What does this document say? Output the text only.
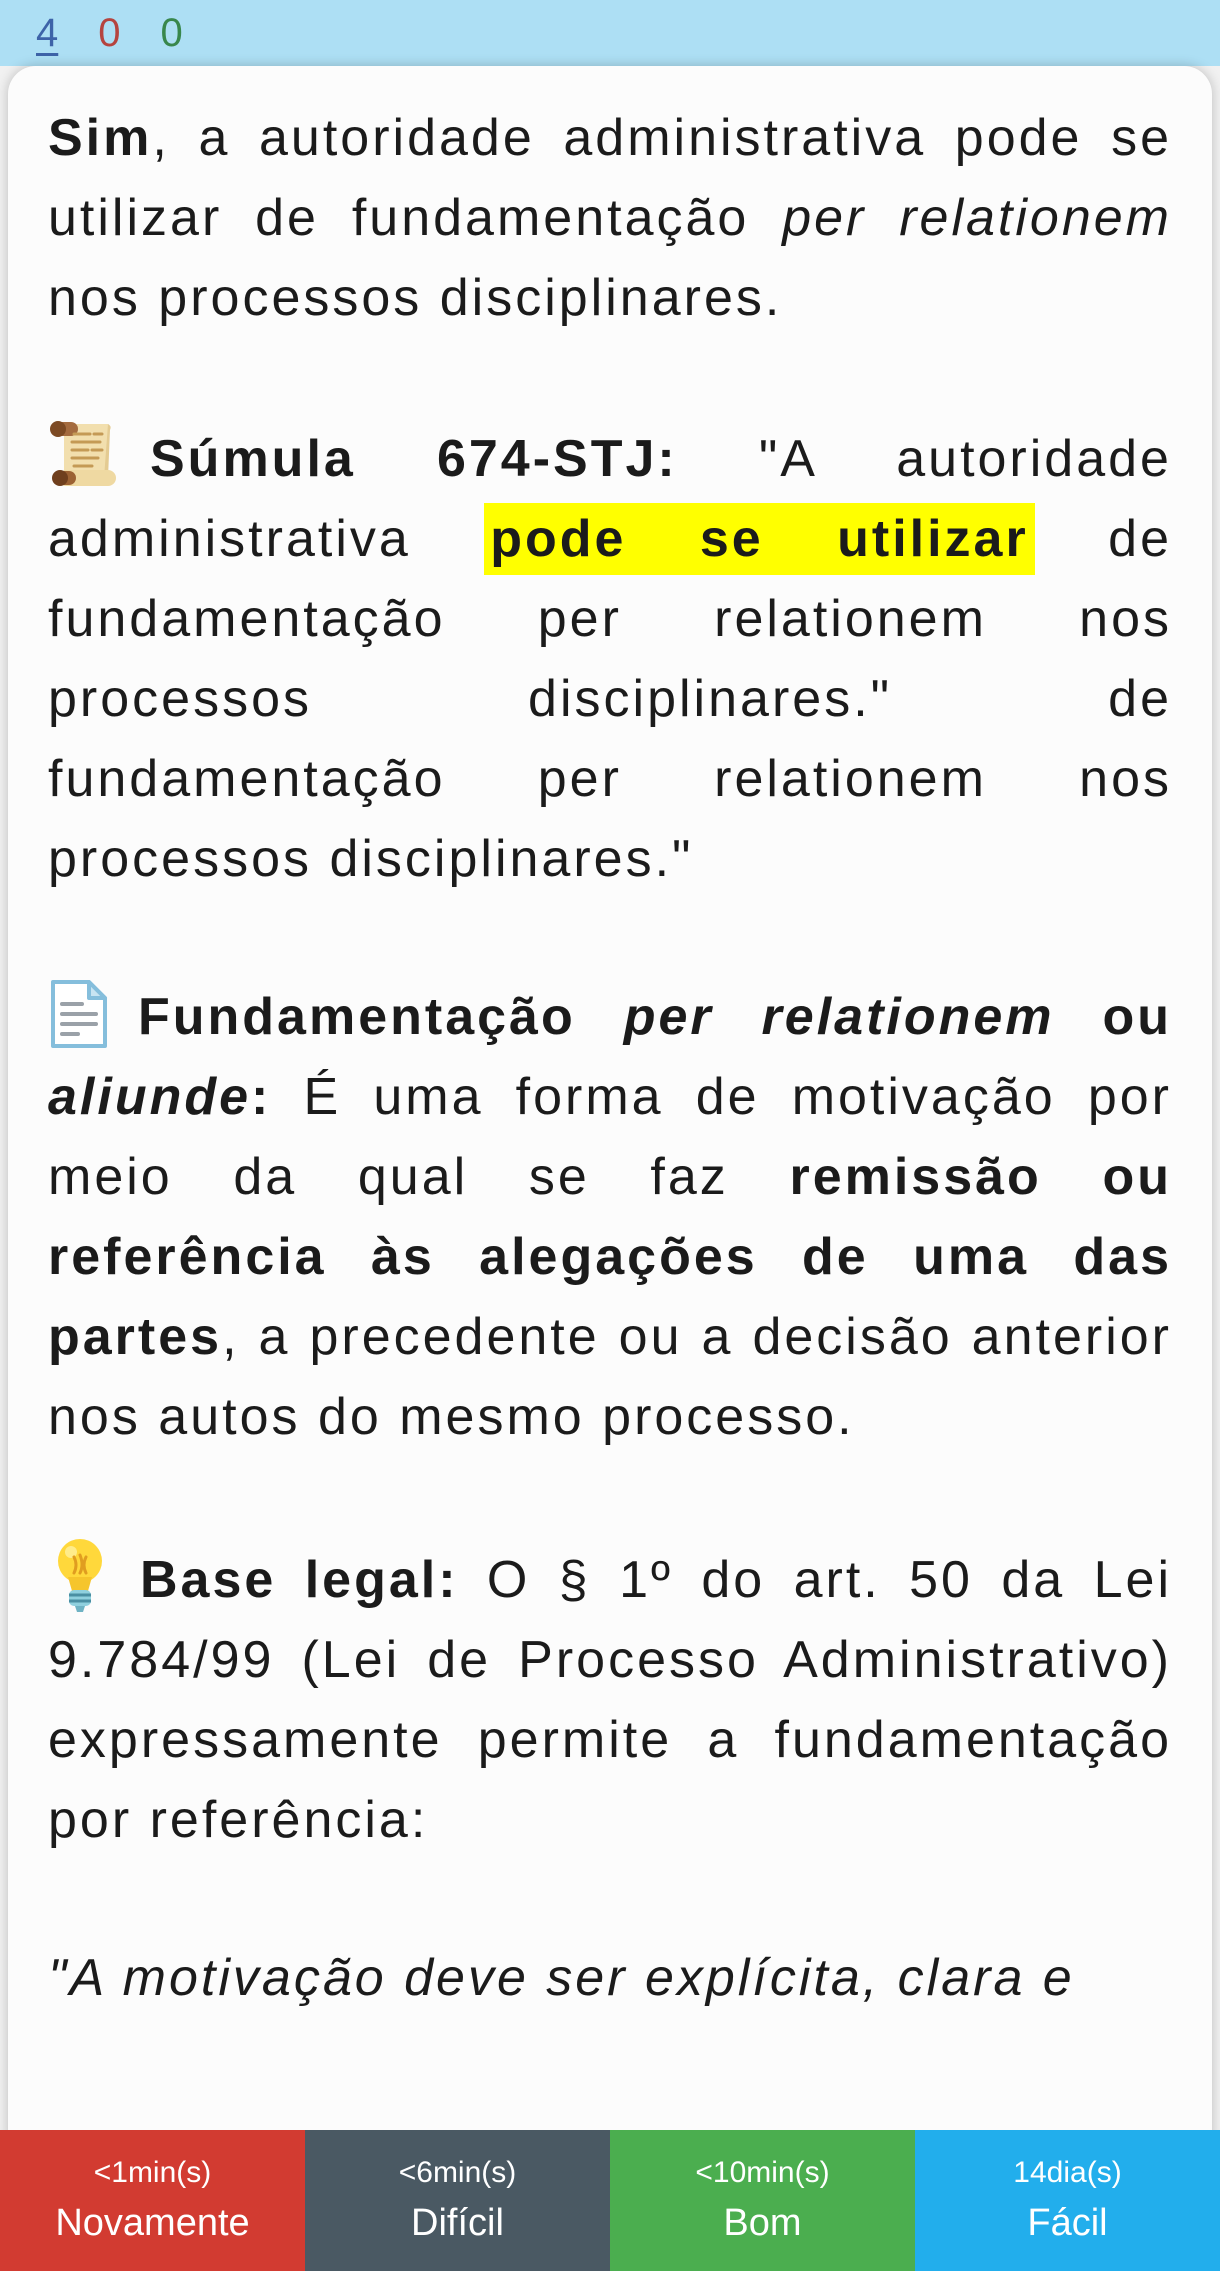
4 0 0

Sim, a autoridade administrativa pode se utilizar de fundamentação per relationem nos processos disciplinares.

Súmula 674-STJ: "A autoridade administrativa pode se utilizar de fundamentação per relationem nos processos disciplinares." de fundamentação per relationem nos processos disciplinares."

Fundamentação per relationem ou aliunde: É uma forma de motivação por meio da qual se faz remissão ou referência às alegações de uma das partes, a precedente ou a decisão anterior nos autos do mesmo processo.

Base legal: O § 1º do art. 50 da Lei 9.784/99 (Lei de Processo Administrativo) expressamente permite a fundamentação por referência:

"A motivação deve ser explícita, clara e

<1min(s)
Novamente
<6min(s)
Difícil
<10min(s)
Bom
14dia(s)
Fácil
